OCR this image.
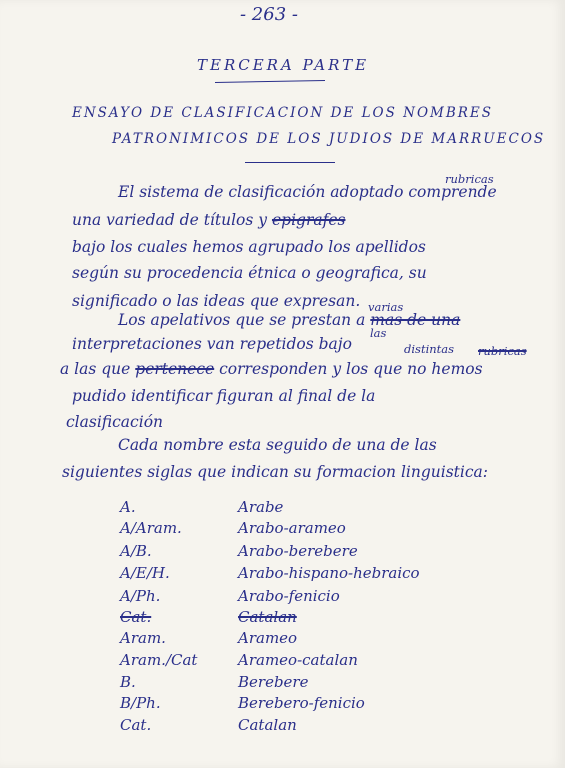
- 263 -
TERCERA PARTE
ENSAYO DE CLASIFICACION DE LOS NOMBRES
PATRONIMICOS DE LOS JUDIOS DE MARRUECOS
El sistema de clasificación adoptado comprende
rubricas
una variedad de títulos y epigrafes
bajo los cuales hemos agrupado los apellidos
según su procedencia étnica o geografica, su
significado o las ideas que expresan. varias
Los apelativos que se prestan a mas de una
las
distintas
interpretaciones van repetidos bajo	rubricas
a las que pertenece corresponden y los que no hemos
pudido identificar figuran al final de la
clasificación
Cada nombre esta seguido de una de las
siguientes siglas que indican su formacion linguistica:
A.	Arabe
A/Aram.	Arabo-arameo
A/B.	Arabo-berebere
A/E/H.	Arabo-hispano-hebraico
A/Ph.	Arabo-fenicio
Cat.	Catalan
Aram.	Arameo
Aram./Cat	Arameo-catalan
B.	Berebere
B/Ph.	Berebero-fenicio
Cat.	Catalan
